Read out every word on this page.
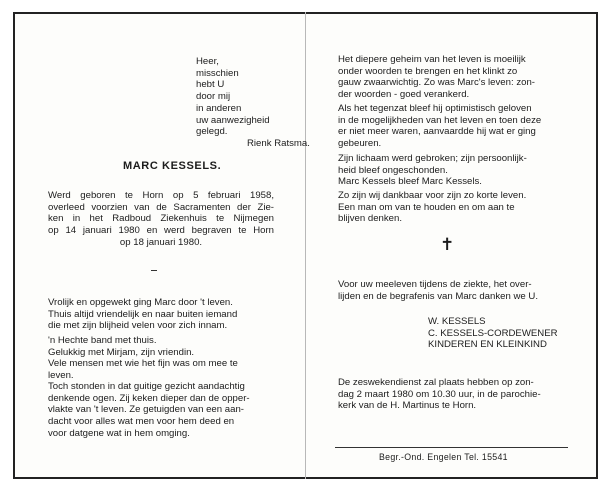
Heer,
misschien
hebt U
door mij
in anderen
uw aanwezigheid
gelegd.
Rienk Ratsma.
MARC KESSELS.
Werd geboren te Horn op 5 februari 1958,
overleed voorzien van de Sacramenten der Zie-
ken in het Radboud Ziekenhuis te Nijmegen
op 14 januari 1980 en werd begraven te Horn
op 18 januari 1980.
Vrolijk en opgewekt ging Marc door 't leven.
Thuis altijd vriendelijk en naar buiten iemand
die met zijn blijheid velen voor zich innam.
'n Hechte band met thuis.
Gelukkig met Mirjam, zijn vriendin.
Vele mensen met wie het fijn was om mee te
leven.
Toch stonden in dat guitige gezicht aandachtig
denkende ogen. Zij keken dieper dan de opper-
vlakte van 't leven. Ze getuigden van een aan-
dacht voor alles wat men voor hem deed en
voor datgene wat in hem omging.
Het diepere geheim van het leven is moeilijk
onder woorden te brengen en het klinkt zo
gauw zwaarwichtig. Zo was Marc's leven: zon-
der woorden - goed verankerd.
Als het tegenzat bleef hij optimistisch geloven
in de mogelijkheden van het leven en toen deze
er niet meer waren, aanvaardde hij wat er ging
gebeuren.
Zijn lichaam werd gebroken; zijn persoonlijk-
heid bleef ongeschonden.
Marc Kessels bleef Marc Kessels.
Zo zijn wij dankbaar voor zijn zo korte leven.
Een man om van te houden en om aan te
blijven denken.
✝
Voor uw meeleven tijdens de ziekte, het over-
lijden en de begrafenis van Marc danken we U.
W. KESSELS
C. KESSELS-CORDEWENER
KINDEREN EN KLEINKIND
De zeswekendienst zal plaats hebben op zon-
dag 2 maart 1980 om 10.30 uur, in de parochie-
kerk van de H. Martinus te Horn.
Begr.-Ond. Engelen Tel. 15541
